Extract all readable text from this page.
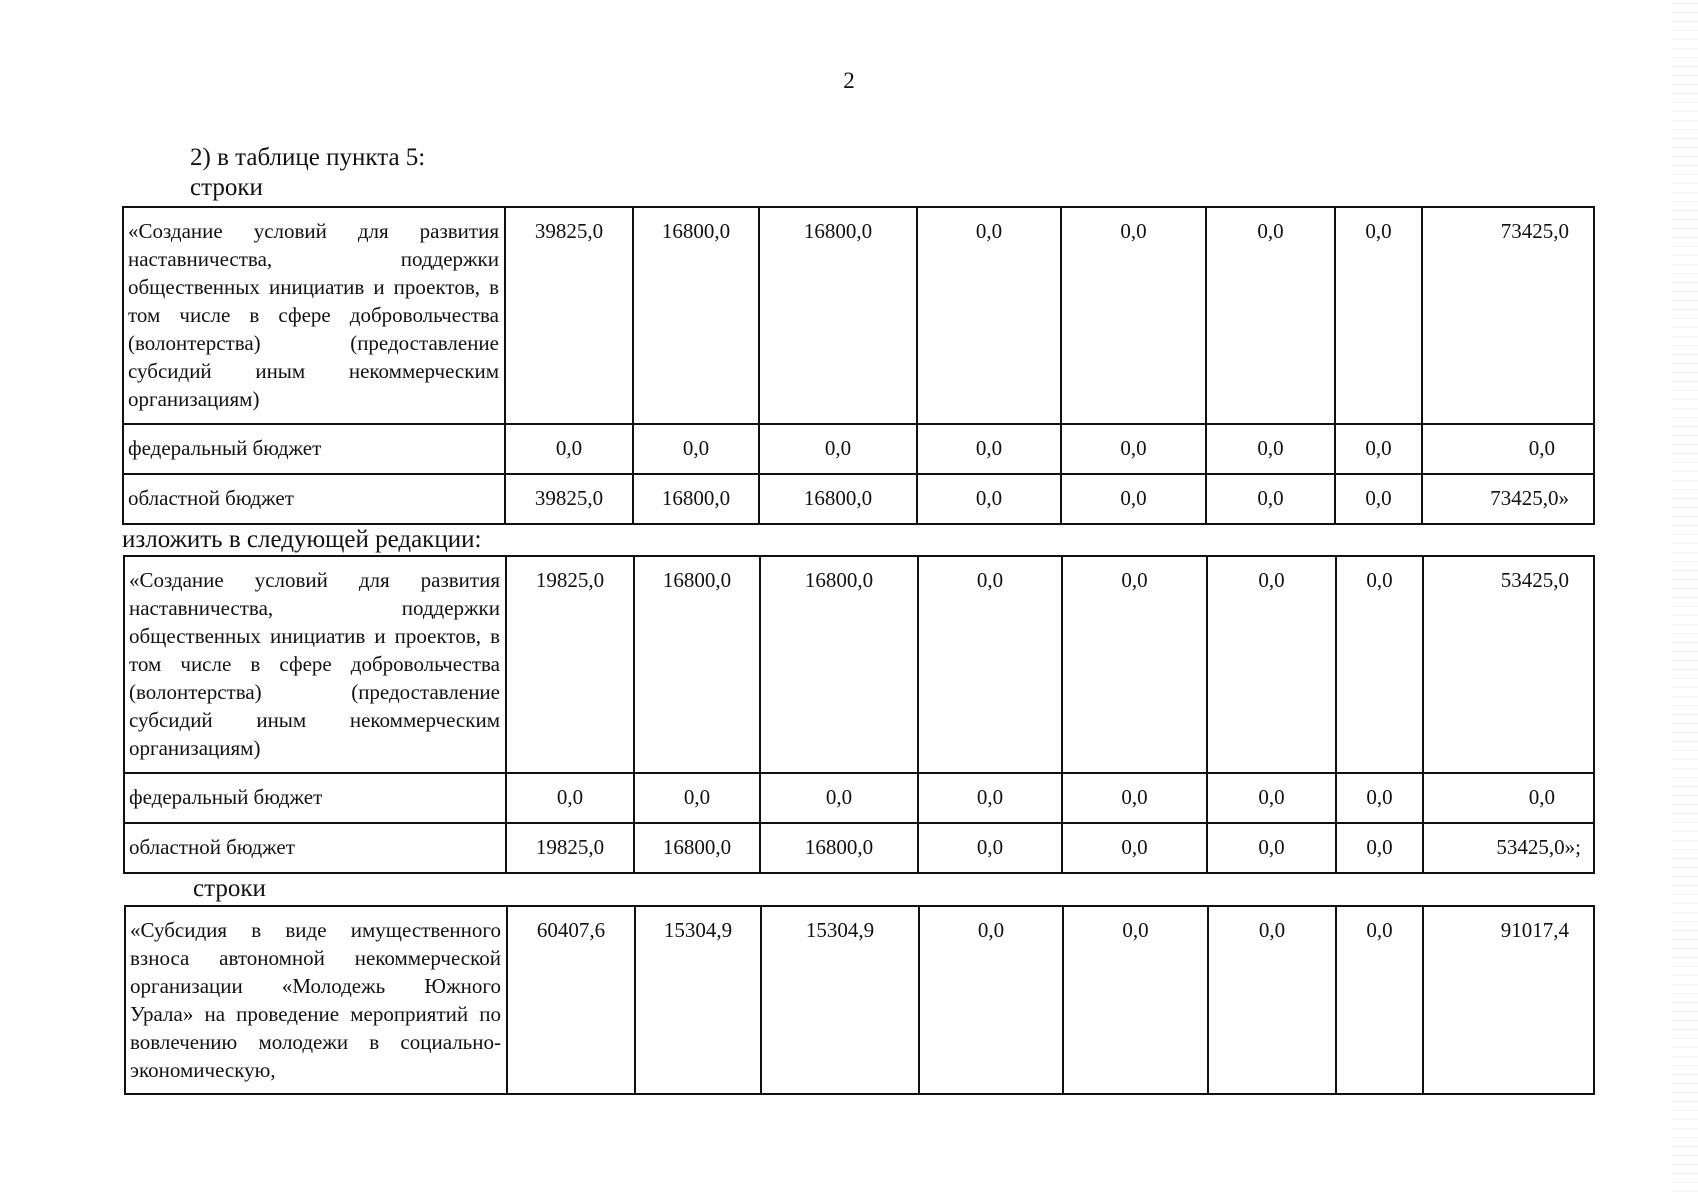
2
2) в таблице пункта 5:
строки
«Создание условий для развития наставничества, поддержки общественных инициатив и проектов, в том числе в сфере добровольчества (волонтерства) (предоставление субсидий иным некоммерческим организациям)	39825,0	16800,0	16800,0	0,0	0,0	0,0	0,0	73425,0
федеральный бюджет	0,0	0,0	0,0	0,0	0,0	0,0	0,0	0,0
областной бюджет	39825,0	16800,0	16800,0	0,0	0,0	0,0	0,0	73425,0»
изложить в следующей редакции:
«Создание условий для развития наставничества, поддержки общественных инициатив и проектов, в том числе в сфере добровольчества (волонтерства) (предоставление субсидий иным некоммерческим организациям)	19825,0	16800,0	16800,0	0,0	0,0	0,0	0,0	53425,0
федеральный бюджет	0,0	0,0	0,0	0,0	0,0	0,0	0,0	0,0
областной бюджет	19825,0	16800,0	16800,0	0,0	0,0	0,0	0,0	53425,0»;
строки
«Субсидия в виде имущественного взноса автономной некоммерческой организации «Молодежь Южного Урала» на проведение мероприятий по вовлечению молодежи в социально-экономическую,	60407,6	15304,9	15304,9	0,0	0,0	0,0	0,0	91017,4
